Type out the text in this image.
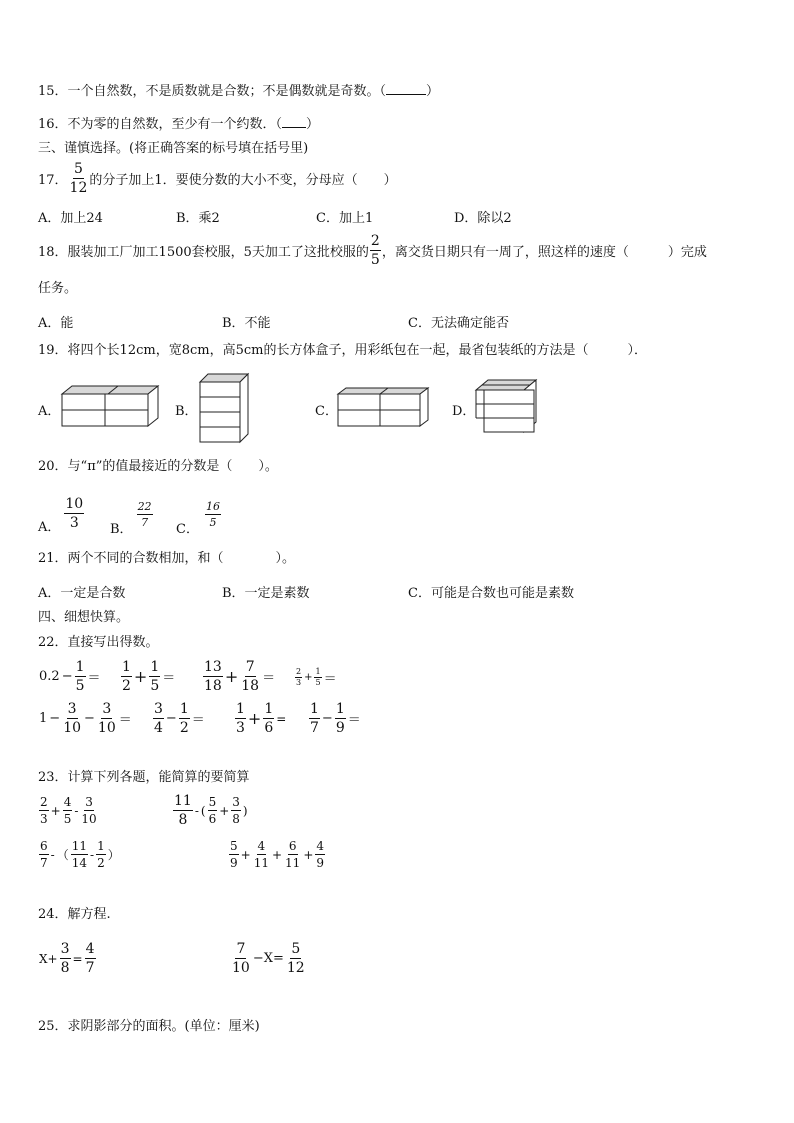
15．一个自然数，不是质数就是合数；不是偶数就是奇数。（	）
16．不为零的自然数，至少有一个约数．（ ）
三、谨慎选择。(将正确答案的标号填在括号里)
17． $\frac{5}{12}$ 的分子加上1．要使分数的大小不变，分母应（　　）
A．加上24	B．乘2	C．加上1	D．除以2
18．服装加工厂加工1500套校服，5天加工了这批校服的 $\frac{2}{5}$ ，离交货日期只有一周了，照这样的速度（　　　）完成
任务。
A．能	B．不能	C．无法确定能否
19．将四个长12cm，宽8cm，高5cm的长方体盒子，用彩纸包在一起，最省包装纸的方法是（　　　）．
A．	B．	C．	D．
20．与“π”的值最接近的分数是（　　）。
A． $\frac{10}{3}$ B．
$\frac{22}{7}$
C．
$\frac{16}{5}$
21．两个不同的合数相加，和（　　　　）。
A．一定是合数	B．一定是素数	C．可能是合数也可能是素数
四、细想快算。
22．直接写出得数。
$0.2 - \frac{1}{5} = \frac{1}{2} + \frac{1}{5} = \frac{13}{18} + \frac{7}{18} = \frac{2}{3} + \frac{1}{5}$ ＝
$1 - \frac{3}{10} - \frac{3}{10} = \frac{3}{4} - \frac{1}{2} = \frac{1}{3} + \frac{1}{6} = \frac{1}{7} - \frac{1}{9}$ ＝
23．计算下列各题，能简算的要简算
$\frac{2}{3} + \frac{4}{5} - \frac{3}{10}$	$\frac{11}{8}$ - ( $\frac{5}{6} + \frac{3}{8}$ )
$\frac{6}{7}$ - （ $\frac{11}{14} - \frac{1}{2}$ ）	$\frac{5}{9} + \frac{4}{11} + \frac{6}{11} + \frac{4}{9}$
24．解方程.
$X+ \frac{3}{8} = \frac{4}{7}$	$\frac{7}{10} -X= \frac{5}{12}$
25．求阴影部分的面积。(单位：厘米)
